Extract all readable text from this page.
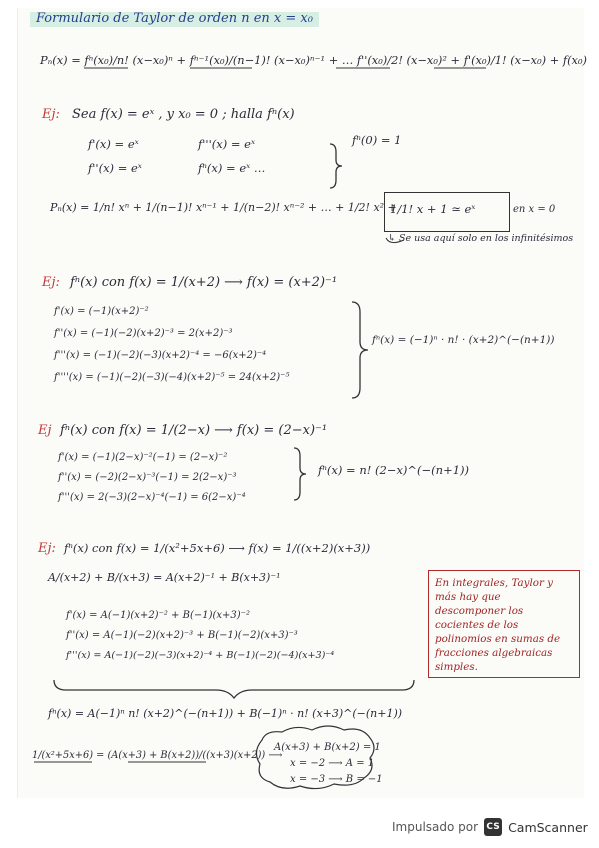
Formulario de Taylor de orden n en x = x₀
Pₙ(x) = fⁿ(x₀)/n! (x−x₀)ⁿ + fⁿ⁻¹(x₀)/(n−1)! (x−x₀)ⁿ⁻¹ + … f''(x₀)/2! (x−x₀)² + f'(x₀)/1! (x−x₀) + f(x₀)
Ej: Sea f(x) = eˣ , y x₀ = 0 ; halla fⁿ(x)
f'(x) = eˣ	f'''(x) = eˣ
f''(x) = eˣ	fⁿ(x) = eˣ …
fⁿ(0) = 1
Pₙ(x) = 1/n! xⁿ + 1/(n−1)! xⁿ⁻¹ + 1/(n−2)! xⁿ⁻² + … + 1/2! x² +
1/1! x + 1 ≃ eˣ	en x = 0
↳ Se usa aquí solo en los infinitésimos
Ej: fⁿ(x) con f(x) = 1/(x+2) ⟶ f(x) = (x+2)⁻¹
f'(x) = (−1)(x+2)⁻²
f''(x) = (−1)(−2)(x+2)⁻³ = 2(x+2)⁻³
f'''(x) = (−1)(−2)(−3)(x+2)⁻⁴ = −6(x+2)⁻⁴
f''''(x) = (−1)(−2)(−3)(−4)(x+2)⁻⁵ = 24(x+2)⁻⁵
fⁿ(x) = (−1)ⁿ · n! · (x+2)^(−(n+1))
Ej fⁿ(x) con f(x) = 1/(2−x) ⟶ f(x) = (2−x)⁻¹
f'(x) = (−1)(2−x)⁻²(−1) = (2−x)⁻²
f''(x) = (−2)(2−x)⁻³(−1) = 2(2−x)⁻³
f'''(x) = 2(−3)(2−x)⁻⁴(−1) = 6(2−x)⁻⁴
fⁿ(x) = n! (2−x)^(−(n+1))
Ej: fⁿ(x) con f(x) = 1/(x²+5x+6) ⟶ f(x) = 1/((x+2)(x+3))
A/(x+2) + B/(x+3) = A(x+2)⁻¹ + B(x+3)⁻¹
f'(x) = A(−1)(x+2)⁻² + B(−1)(x+3)⁻²
f''(x) = A(−1)(−2)(x+2)⁻³ + B(−1)(−2)(x+3)⁻³
f'''(x) = A(−1)(−2)(−3)(x+2)⁻⁴ + B(−1)(−2)(−4)(x+3)⁻⁴
fⁿ(x) = A(−1)ⁿ n! (x+2)^(−(n+1)) + B(−1)ⁿ · n! (x+3)^(−(n+1))
1/(x²+5x+6) = (A(x+3) + B(x+2))/((x+3)(x+2)) ⟶
A(x+3) + B(x+2) = 1
x = −2 ⟶ A = 1
x = −3 ⟶ B = −1
En integrales, Taylor y más hay que descomponer los cocientes de los polinomios en sumas de fracciones algebraicas simples.
Impulsado por CS CamScanner
